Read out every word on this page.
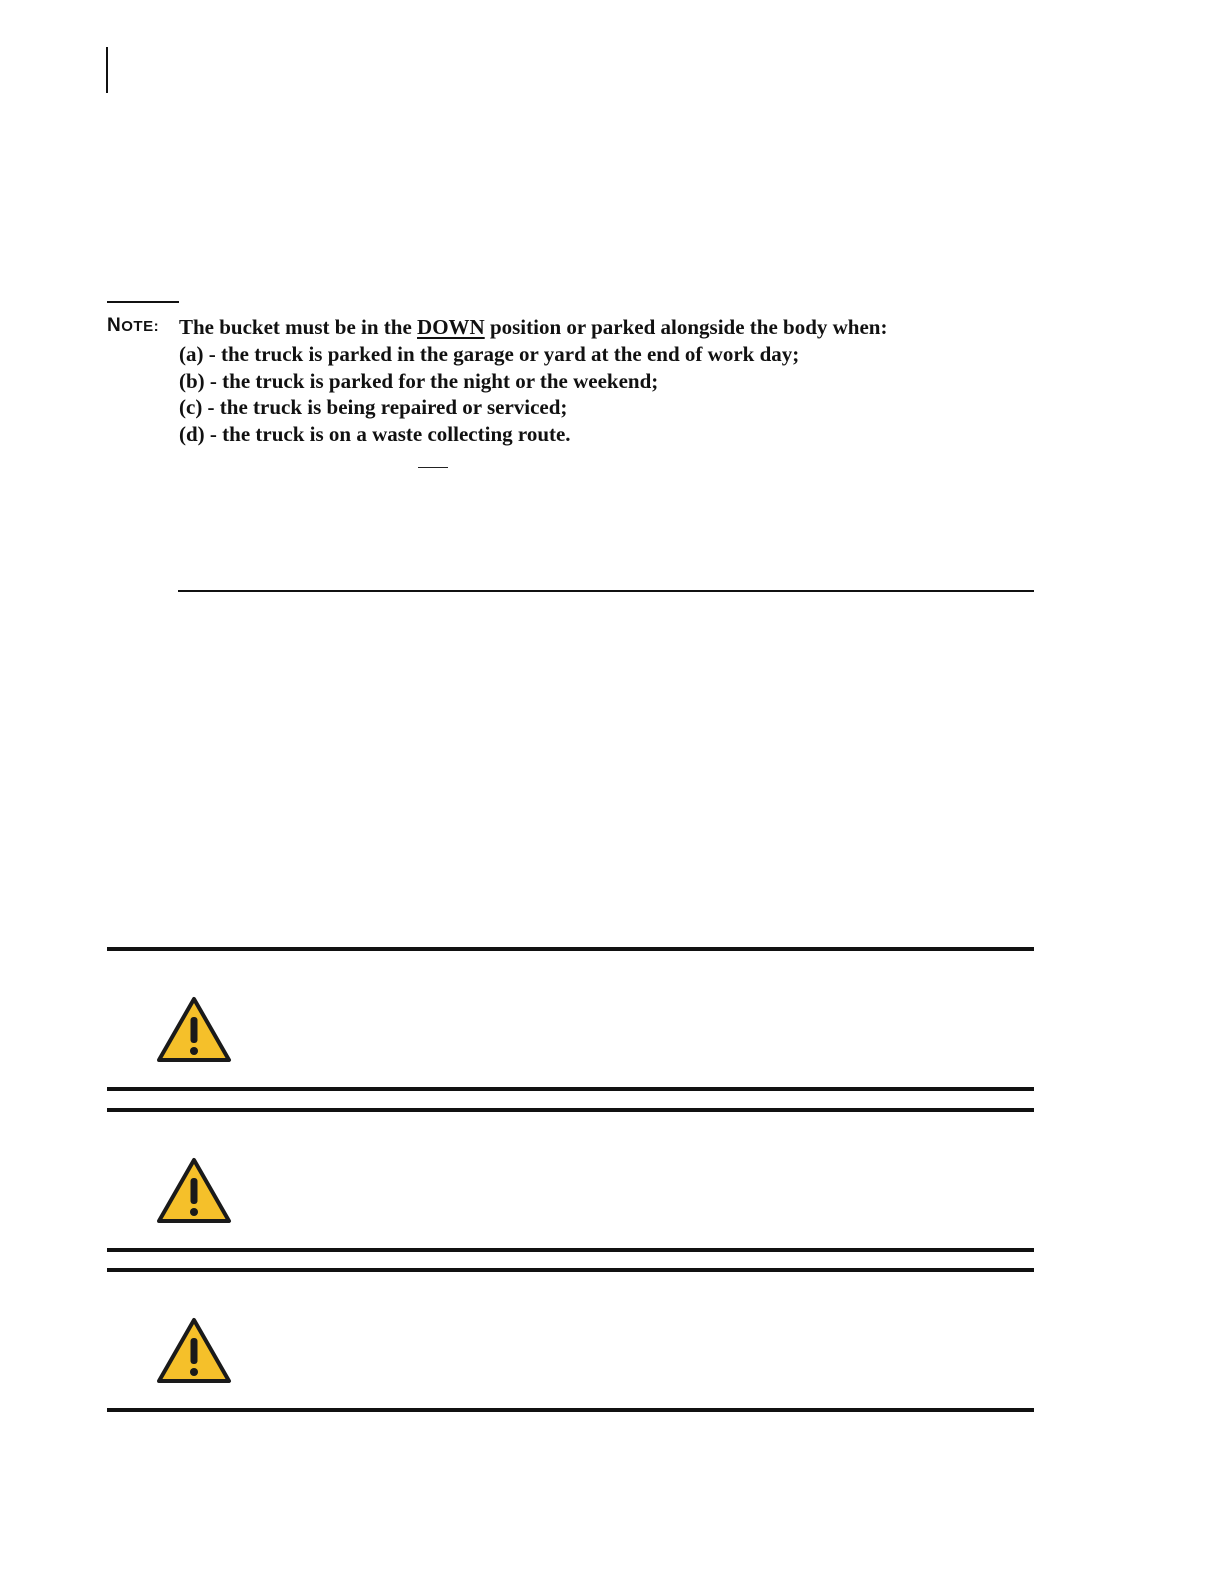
NOTE: The bucket must be in the DOWN position or parked alongside the body when:
(a) - the truck is parked in the garage or yard at the end of work day;
(b) - the truck is parked for the night or the weekend;
(c) - the truck is being repaired or serviced;
(d) - the truck is on a waste collecting route.
